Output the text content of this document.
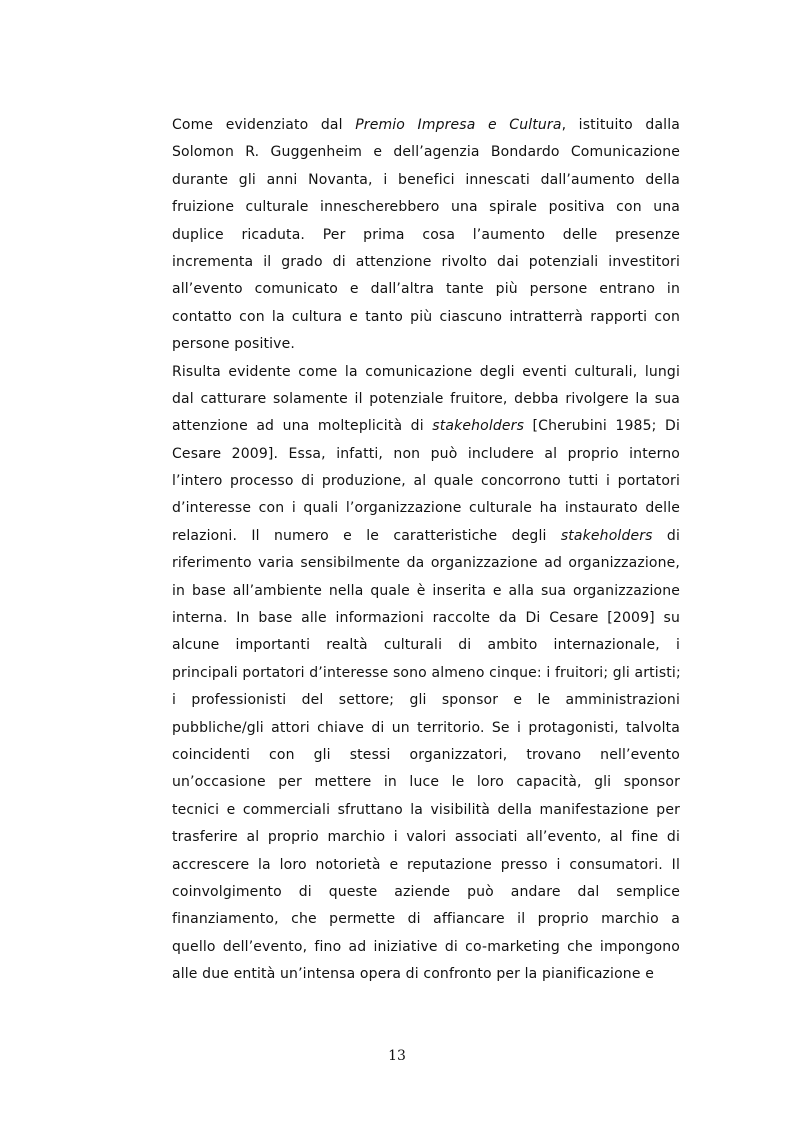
Come evidenziato dal Premio Impresa e Cultura, istituito dalla
Solomon R. Guggenheim e dell’agenzia Bondardo Comunicazione
durante gli anni Novanta, i benefici innescati dall’aumento della
fruizione culturale innescherebbero una spirale positiva con una
duplice ricaduta. Per prima cosa l’aumento delle presenze
incrementa il grado di attenzione rivolto dai potenziali investitori
all’evento comunicato e dall’altra tante più persone entrano in
contatto con la cultura e tanto più ciascuno intratterrà rapporti con
persone positive.
Risulta evidente come la comunicazione degli eventi culturali, lungi
dal catturare solamente il potenziale fruitore, debba rivolgere la sua
attenzione ad una molteplicità di stakeholders [Cherubini 1985; Di
Cesare 2009]. Essa, infatti, non può includere al proprio interno
l’intero processo di produzione, al quale concorrono tutti i portatori
d’interesse con i quali l’organizzazione culturale ha instaurato delle
relazioni. Il numero e le caratteristiche degli stakeholders di
riferimento varia sensibilmente da organizzazione ad organizzazione,
in base all’ambiente nella quale è inserita e alla sua organizzazione
interna. In base alle informazioni raccolte da Di Cesare [2009] su
alcune importanti realtà culturali di ambito internazionale, i
principali portatori d’interesse sono almeno cinque: i fruitori; gli artisti;
i professionisti del settore; gli sponsor e le amministrazioni
pubbliche/gli attori chiave di un territorio. Se i protagonisti, talvolta
coincidenti con gli stessi organizzatori, trovano nell’evento
un’occasione per mettere in luce le loro capacità, gli sponsor
tecnici e commerciali sfruttano la visibilità della manifestazione per
trasferire al proprio marchio i valori associati all’evento, al fine di
accrescere la loro notorietà e reputazione presso i consumatori. Il
coinvolgimento di queste aziende può andare dal semplice
finanziamento, che permette di affiancare il proprio marchio a
quello dell’evento, fino ad iniziative di co-marketing che impongono
alle due entità un’intensa opera di confronto per la pianificazione e
13
